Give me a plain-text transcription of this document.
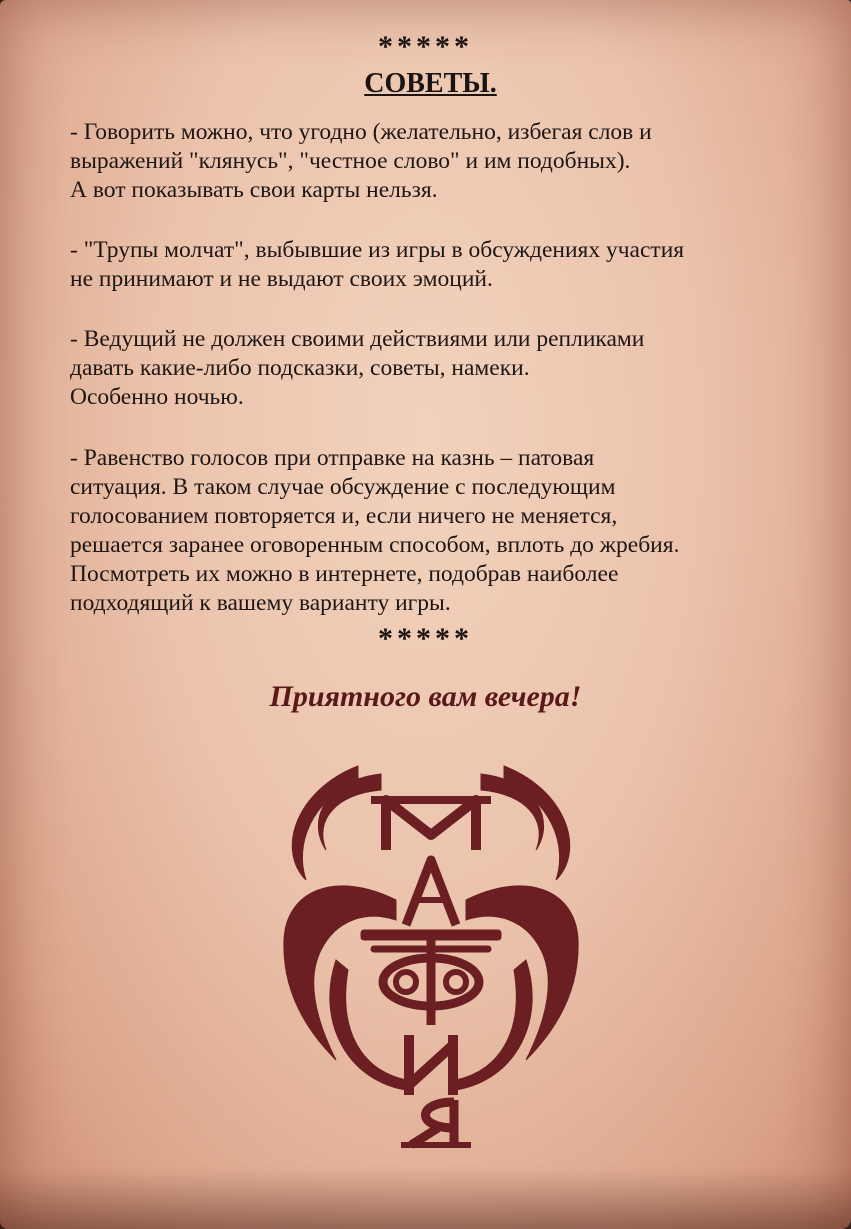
*****
СОВЕТЫ.
- Говорить можно, что угодно (желательно, избегая слов и
выражений "клянусь", "честное слово" и им подобных).
А вот показывать свои карты нельзя.
- "Трупы молчат", выбывшие из игры в обсуждениях участия
не принимают и не выдают своих эмоций.
- Ведущий не должен своими действиями или репликами
давать какие-либо подсказки, советы, намеки.
Особенно ночью.
- Равенство голосов при отправке на казнь – патовая
ситуация. В таком случае обсуждение с последующим
голосованием повторяется и, если ничего не меняется,
решается заранее оговоренным способом, вплоть до жребия.
Посмотреть их можно в интернете, подобрав наиболее
подходящий к вашему варианту игры.
*****
Приятного вам вечера!
